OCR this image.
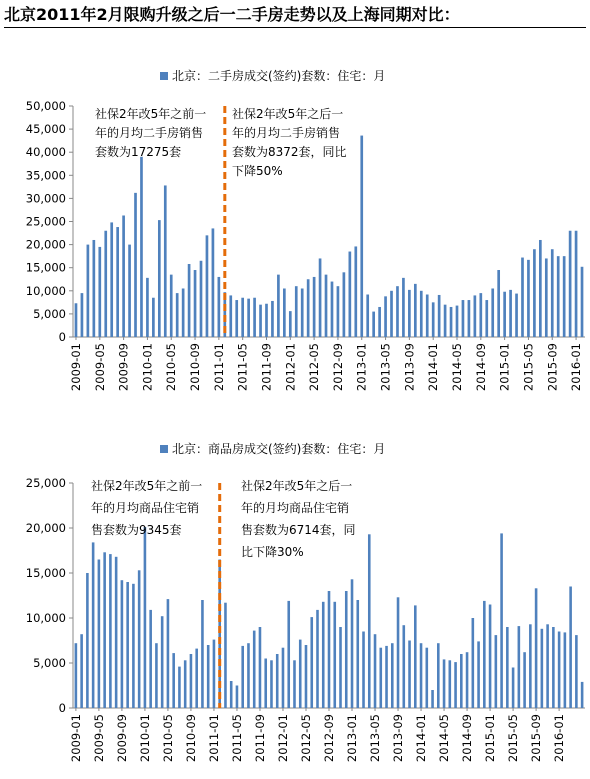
北京2011年2月限购升级之后一二手房走势以及上海同期对比：
北京：二手房成交(签约)套数：住宅：月
0
5,000
10,000
15,000
20,000
25,000
30,000
35,000
40,000
45,000
50,000
2009-01 2009-05 2009-09 2010-01 2010-05 2010-09 2011-01 2011-05 2011-09 2012-01 2012-05 2012-09 2013-01 2013-05 2013-09 2014-01 2014-05 2014-09 2015-01 2015-05 2015-09 2016-01
社保2年改5年之前一
年的月均二手房销售
套数为17275套
社保2年改5年之后一
年的月均二手房销售
套数为8372套，同比
下降50%
北京：商品房成交(签约)套数：住宅：月
0
5,000
10,000
15,000
20,000
25,000
2009-01 2009-05 2009-09 2010-01 2010-05 2010-09 2011-01 2011-05 2011-09 2012-01 2012-05 2012-09 2013-01 2013-05 2013-09 2014-01 2014-05 2014-09 2015-01 2015-05 2015-09 2016-01
社保2年改5年之前一
年的月均商品住宅销
售套数为9345套
社保2年改5年之后一
年的月均商品住宅销
售套数为6714套，同
比下降30%
